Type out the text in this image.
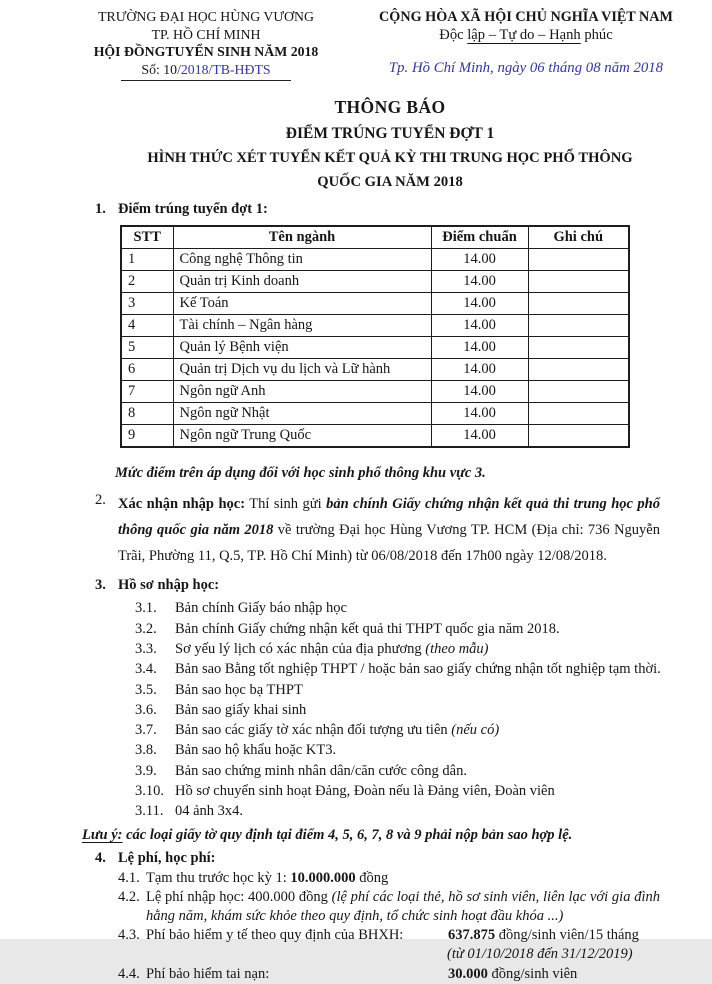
TRƯỜNG ĐẠI HỌC HÙNG VƯƠNG
TP. HỒ CHÍ MINH
HỘI ĐỒNGTUYỂN SINH NĂM 2018
Số: 10/2018/TB-HĐTS
CỘNG HÒA XÃ HỘI CHỦ NGHĨA VIỆT NAM
Độc lập – Tự do – Hạnh phúc
Tp. Hồ Chí Minh, ngày 06 tháng 08 năm 2018
THÔNG BÁO
ĐIỂM TRÚNG TUYỂN ĐỢT 1
HÌNH THỨC XÉT TUYỂN KẾT QUẢ KỲ THI TRUNG HỌC PHỔ THÔNG
QUỐC GIA NĂM 2018
1. Điểm trúng tuyển đợt 1:
STT	Tên ngành	Điểm chuẩn	Ghi chú
1	Công nghệ Thông tin	14.00	
2	Quản trị Kinh doanh	14.00	
3	Kế Toán	14.00	
4	Tài chính – Ngân hàng	14.00	
5	Quản lý Bệnh viện	14.00	
6	Quản trị Dịch vụ du lịch và Lữ hành	14.00	
7	Ngôn ngữ Anh	14.00	
8	Ngôn ngữ Nhật	14.00	
9	Ngôn ngữ Trung Quốc	14.00	
Mức điểm trên áp dụng đối với học sinh phổ thông khu vực 3.
2. Xác nhận nhập học: Thí sinh gửi bản chính Giấy chứng nhận kết quả thi trung học phổ thông quốc gia năm 2018 về trường Đại học Hùng Vương TP. HCM (Địa chỉ: 736 Nguyễn Trãi, Phường 11, Q.5, TP. Hồ Chí Minh) từ 06/08/2018 đến 17h00 ngày 12/08/2018.
3. Hồ sơ nhập học:
3.1.	Bản chính Giấy báo nhập học
3.2.	Bản chính Giấy chứng nhận kết quả thi THPT quốc gia năm 2018.
3.3.	Sơ yếu lý lịch có xác nhận của địa phương (theo mẫu)
3.4.	Bản sao Bằng tốt nghiệp THPT / hoặc bản sao giấy chứng nhận tốt nghiệp tạm thời.
3.5.	Bản sao học bạ THPT
3.6.	Bản sao giấy khai sinh
3.7.	Bản sao các giấy tờ xác nhận đối tượng ưu tiên (nếu có)
3.8.	Bản sao hộ khẩu hoặc KT3.
3.9.	Bản sao chứng minh nhân dân/căn cước công dân.
3.10. Hồ sơ chuyển sinh hoạt Đảng, Đoàn nếu là Đảng viên, Đoàn viên
3.11. 04 ảnh 3x4.
Lưu ý: các loại giấy tờ quy định tại điểm 4, 5, 6, 7, 8 và 9 phải nộp bản sao hợp lệ.
4. Lệ phí, học phí:
4.1. Tạm thu trước học kỳ 1: 10.000.000 đồng
4.2. Lệ phí nhập học: 400.000 đồng (lệ phí các loại thẻ, hồ sơ sinh viên, liên lạc với gia đình hằng năm, khám sức khỏe theo quy định, tổ chức sinh hoạt đầu khóa ...)
4.3. Phí bảo hiểm y tế theo quy định của BHXH:	637.875 đồng/sinh viên/15 tháng
(từ 01/10/2018 đến 31/12/2019)
4.4. Phí bảo hiểm tai nạn:	30.000 đồng/sinh viên
